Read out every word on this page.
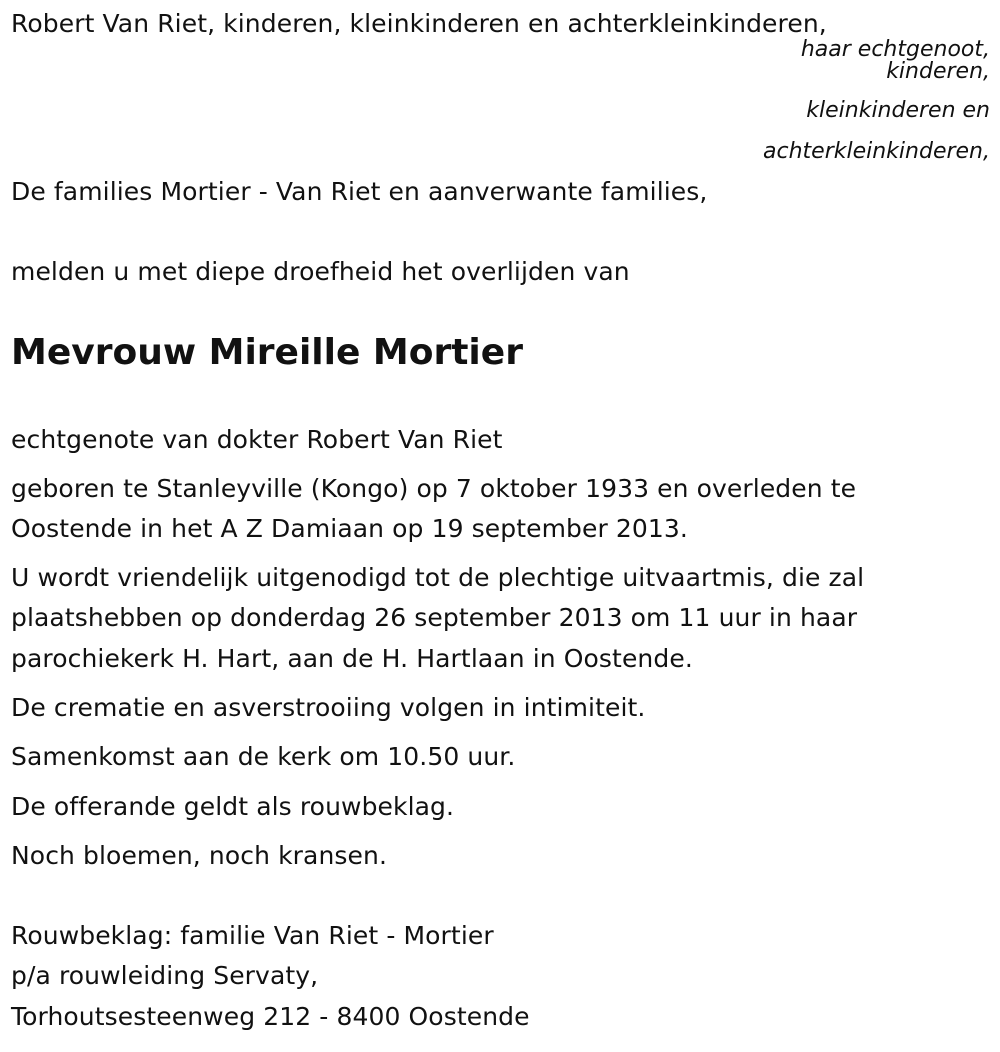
Robert Van Riet, kinderen, kleinkinderen en achterkleinkinderen,
haar echtgenoot,
kinderen,
kleinkinderen en
achterkleinkinderen,
De families Mortier - Van Riet en aanverwante families,
melden u met diepe droefheid het overlijden van
Mevrouw Mireille Mortier
echtgenote van dokter Robert Van Riet
geboren te Stanleyville (Kongo) op 7 oktober 1933 en overleden te
Oostende in het A Z Damiaan op 19 september 2013.
U wordt vriendelijk uitgenodigd tot de plechtige uitvaartmis, die zal
plaatshebben op donderdag 26 september 2013 om 11 uur in haar
parochiekerk H. Hart, aan de H. Hartlaan in Oostende.
De crematie en asverstrooiing volgen in intimiteit.
Samenkomst aan de kerk om 10.50 uur.
De offerande geldt als rouwbeklag.
Noch bloemen, noch kransen.
Rouwbeklag: familie Van Riet - Mortier
p/a rouwleiding Servaty,
Torhoutsesteenweg 212 - 8400 Oostende
